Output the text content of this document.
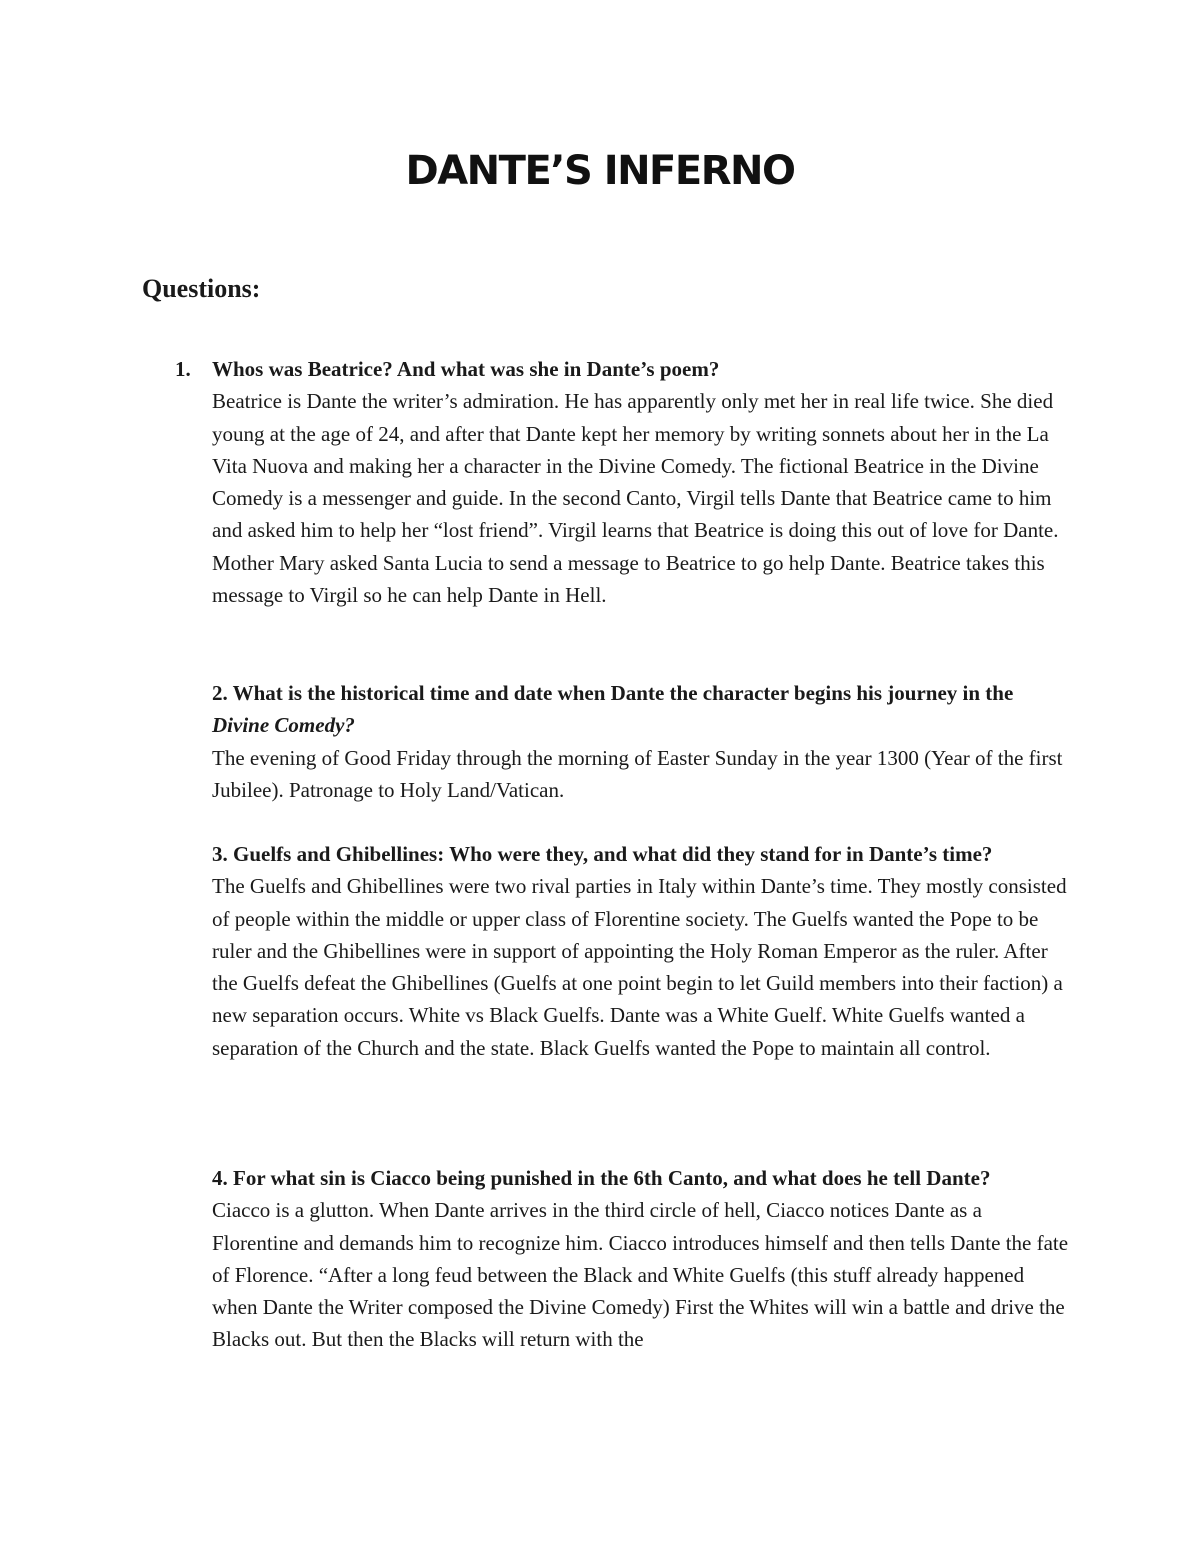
DANTE’S INFERNO

Questions:

1. Whos was Beatrice? And what was she in Dante’s poem?

Beatrice is Dante the writer’s admiration. He has apparently only met her in real life twice. She died young at the age of 24, and after that Dante kept her memory by writing sonnets about her in the La Vita Nuova and making her a character in the Divine Comedy. The fictional Beatrice in the Divine Comedy is a messenger and guide. In the second Canto, Virgil tells Dante that Beatrice came to him and asked him to help her “lost friend”. Virgil learns that Beatrice is doing this out of love for Dante. Mother Mary asked Santa Lucia to send a message to Beatrice to go help Dante. Beatrice takes this message to Virgil so he can help Dante in Hell.

2. What is the historical time and date when Dante the character begins his journey in the Divine Comedy?

The evening of Good Friday through the morning of Easter Sunday in the year 1300 (Year of the first Jubilee). Patronage to Holy Land/Vatican.

3. Guelfs and Ghibellines: Who were they, and what did they stand for in Dante’s time?

The Guelfs and Ghibellines were two rival parties in Italy within Dante’s time. They mostly consisted of people within the middle or upper class of Florentine society. The Guelfs wanted the Pope to be ruler and the Ghibellines were in support of appointing the Holy Roman Emperor as the ruler. After the Guelfs defeat the Ghibellines (Guelfs at one point begin to let Guild members into their faction) a new separation occurs. White vs Black Guelfs. Dante was a White Guelf. White Guelfs wanted a separation of the Church and the state. Black Guelfs wanted the Pope to maintain all control.

4. For what sin is Ciacco being punished in the 6th Canto, and what does he tell Dante?

Ciacco is a glutton. When Dante arrives in the third circle of hell, Ciacco notices Dante as a Florentine and demands him to recognize him. Ciacco introduces himself and then tells Dante the fate of Florence. “After a long feud between the Black and White Guelfs (this stuff already happened when Dante the Writer composed the Divine Comedy) First the Whites will win a battle and drive the Blacks out. But then the Blacks will return with the
